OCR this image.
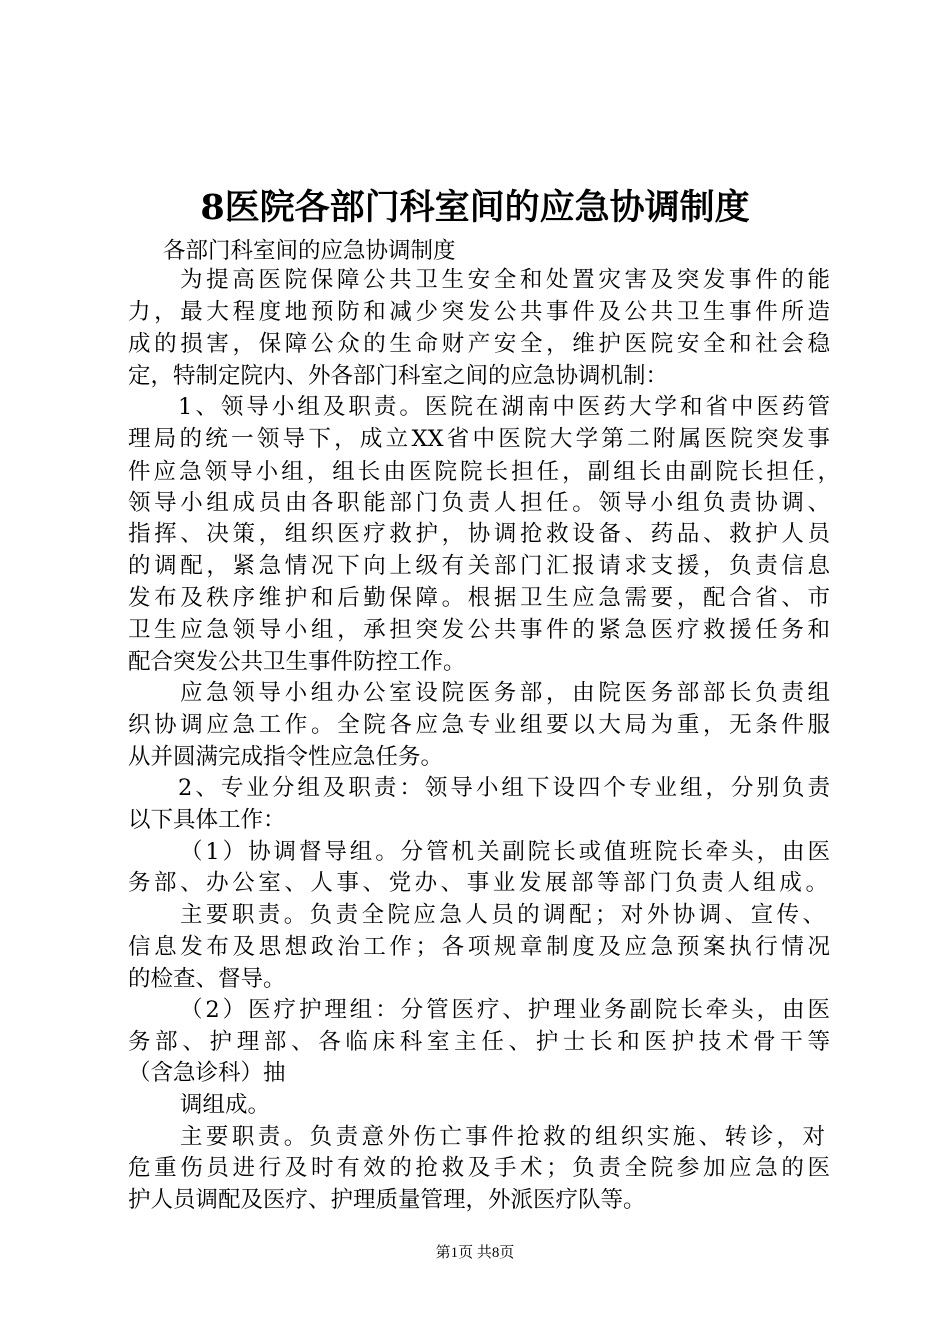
8医院各部门科室间的应急协调制度
各部门科室间的应急协调制度
为提高医院保障公共卫生安全和处置灾害及突发事件的能
力，最大程度地预防和减少突发公共事件及公共卫生事件所造
成的损害，保障公众的生命财产安全，维护医院安全和社会稳
定，特制定院内、外各部门科室之间的应急协调机制：
1、领导小组及职责。医院在湖南中医药大学和省中医药管
理局的统一领导下，成立XX省中医院大学第二附属医院突发事
件应急领导小组，组长由医院院长担任，副组长由副院长担任，
领导小组成员由各职能部门负责人担任。领导小组负责协调、
指挥、决策，组织医疗救护，协调抢救设备、药品、救护人员
的调配，紧急情况下向上级有关部门汇报请求支援，负责信息
发布及秩序维护和后勤保障。根据卫生应急需要，配合省、市
卫生应急领导小组，承担突发公共事件的紧急医疗救援任务和
配合突发公共卫生事件防控工作。
应急领导小组办公室设院医务部，由院医务部部长负责组
织协调应急工作。全院各应急专业组要以大局为重，无条件服
从并圆满完成指令性应急任务。
2、专业分组及职责：领导小组下设四个专业组，分别负责
以下具体工作：
（1）协调督导组。分管机关副院长或值班院长牵头，由医
务部、办公室、人事、党办、事业发展部等部门负责人组成。
主要职责。负责全院应急人员的调配；对外协调、宣传、
信息发布及思想政治工作；各项规章制度及应急预案执行情况
的检查、督导。
（2）医疗护理组：分管医疗、护理业务副院长牵头，由医
务部、护理部、各临床科室主任、护士长和医护技术骨干等
（含急诊科）抽
调组成。
主要职责。负责意外伤亡事件抢救的组织实施、转诊，对
危重伤员进行及时有效的抢救及手术；负责全院参加应急的医
护人员调配及医疗、护理质量管理，外派医疗队等。
第1页 共8页
